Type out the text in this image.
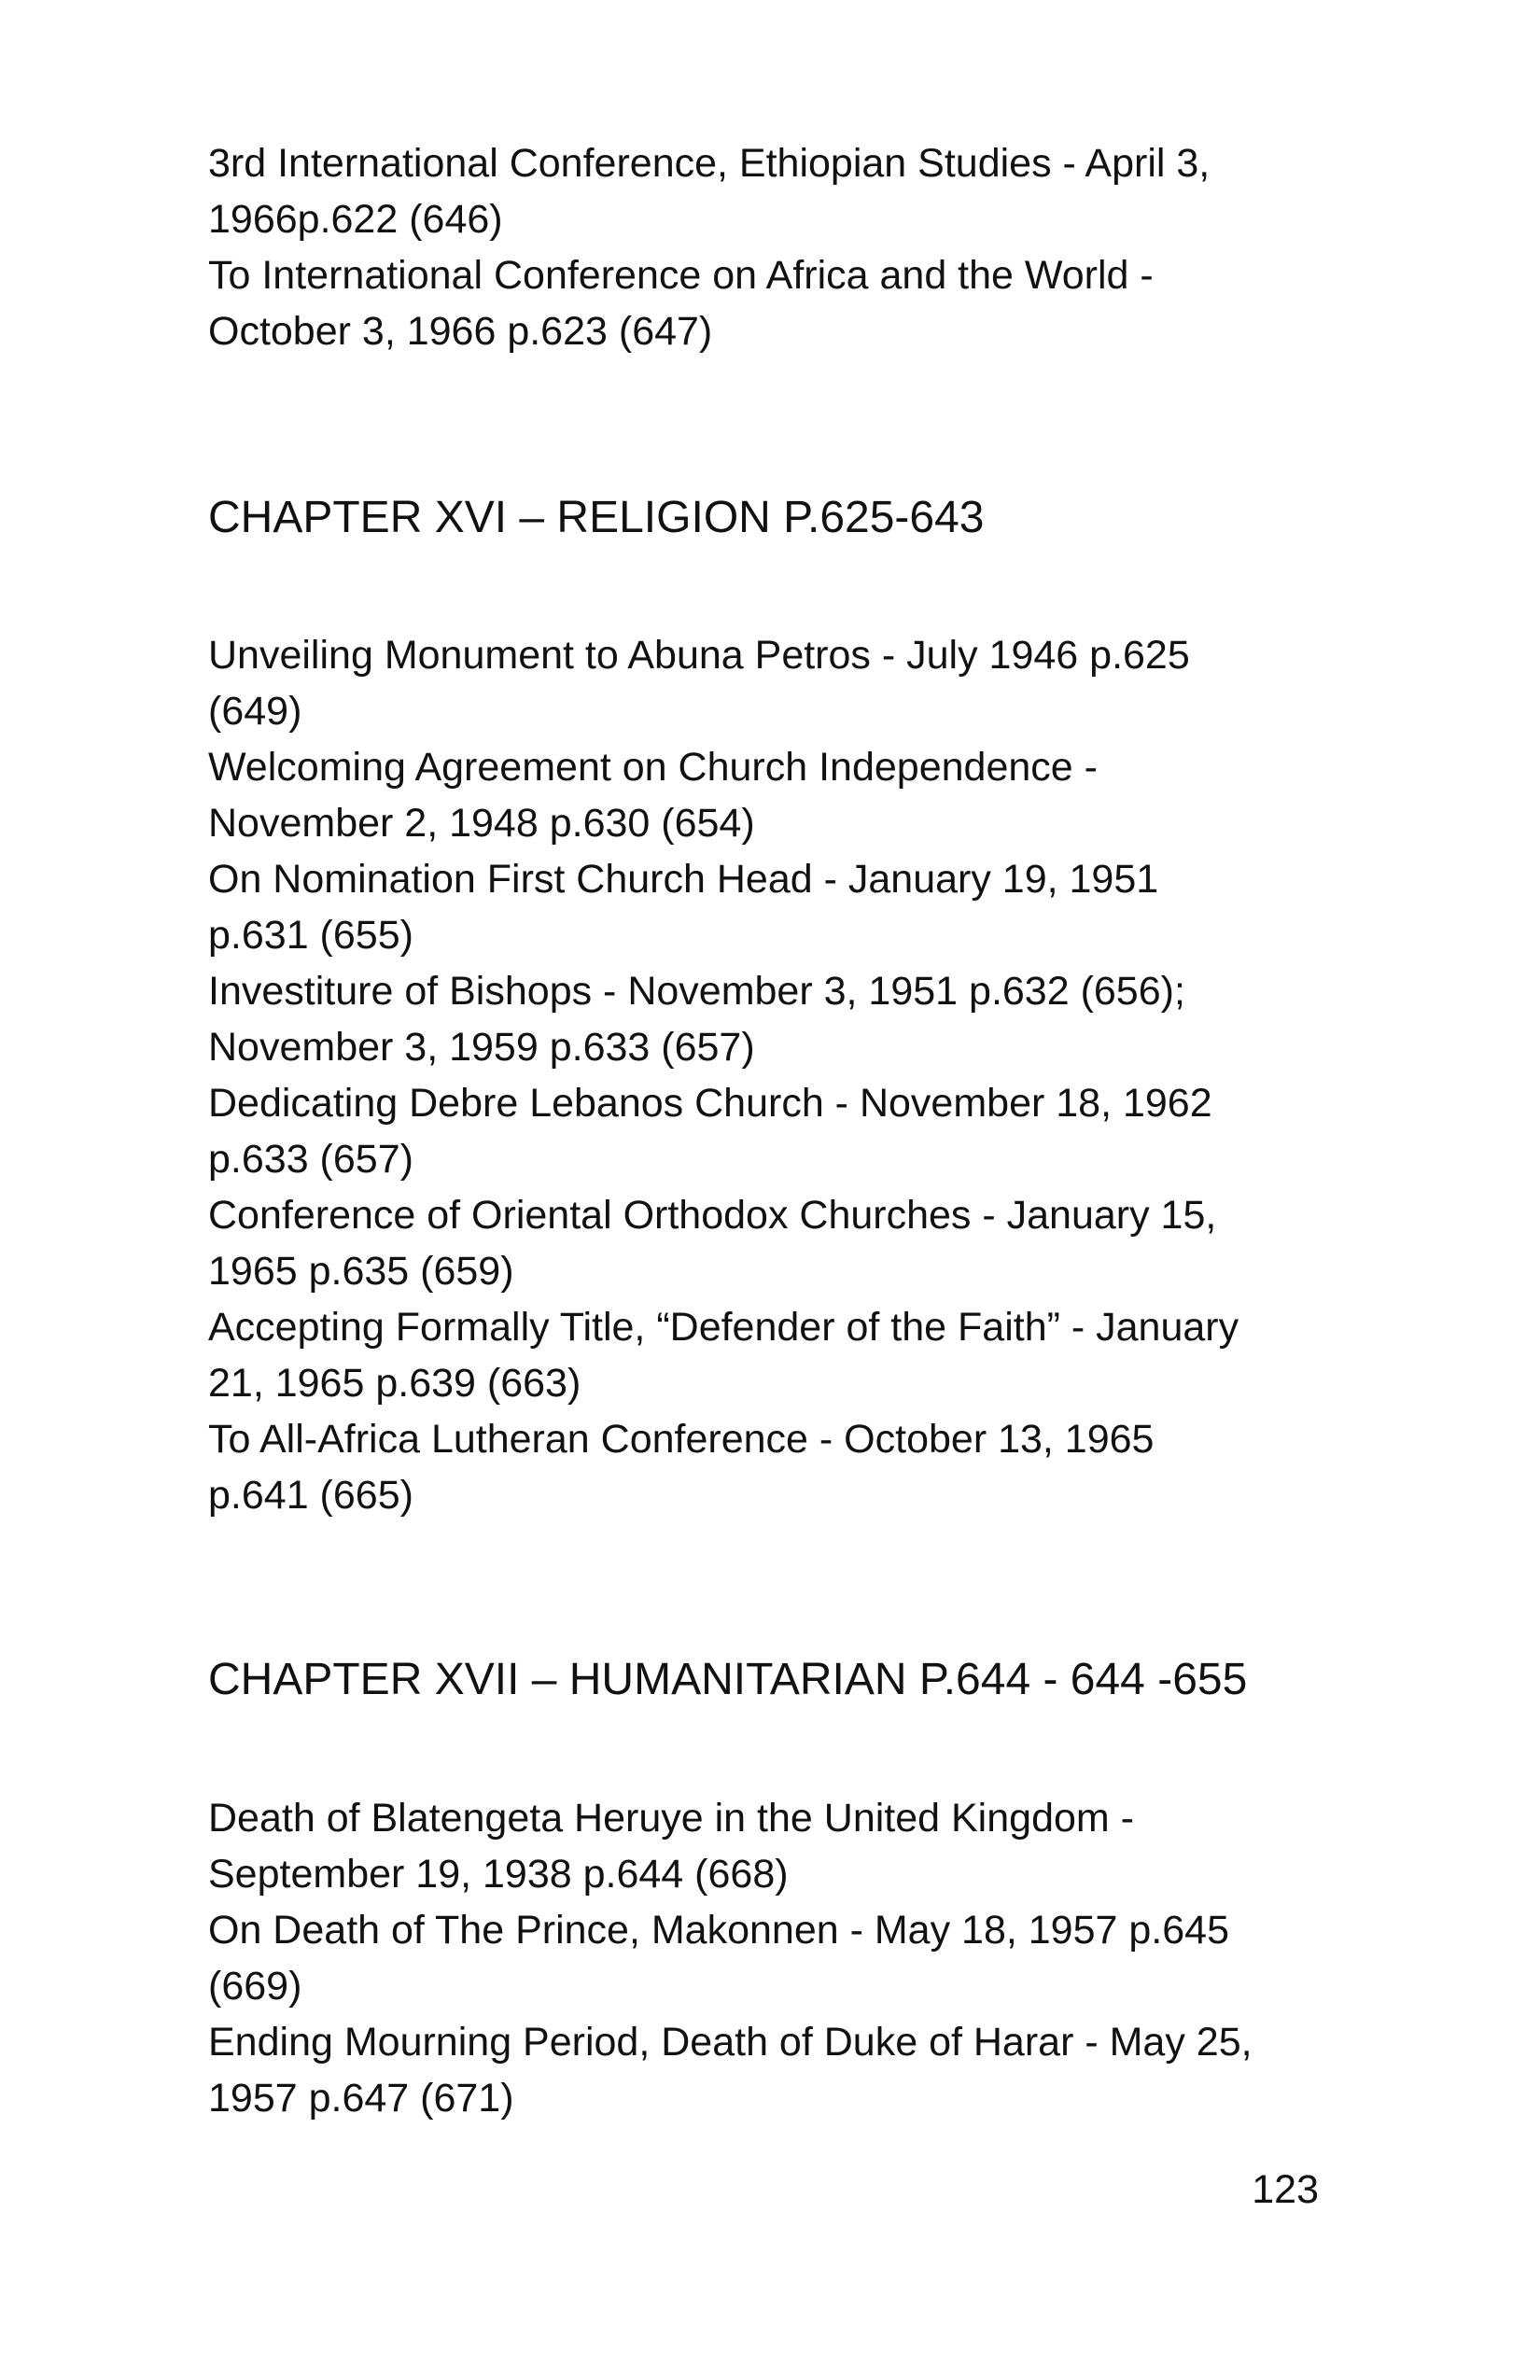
3rd International Conference, Ethiopian Studies - April 3,
1966p.622 (646)
To International Conference on Africa and the World -
October 3, 1966 p.623 (647)
CHAPTER XVI – RELIGION P.625-643
Unveiling Monument to Abuna Petros - July 1946 p.625
(649)
Welcoming Agreement on Church Independence -
November 2, 1948 p.630 (654)
On Nomination First Church Head - January 19, 1951
p.631 (655)
Investiture of Bishops - November 3, 1951 p.632 (656);
November 3, 1959 p.633 (657)
Dedicating Debre Lebanos Church - November 18, 1962
p.633 (657)
Conference of Oriental Orthodox Churches - January 15,
1965 p.635 (659)
Accepting Formally Title, “Defender of the Faith” - January
21, 1965 p.639 (663)
To All-Africa Lutheran Conference - October 13, 1965
p.641 (665)
CHAPTER XVII – HUMANITARIAN P.644 - 644 -655
Death of Blatengeta Heruye in the United Kingdom -
September 19, 1938 p.644 (668)
On Death of The Prince, Makonnen - May 18, 1957 p.645
(669)
Ending Mourning Period, Death of Duke of Harar - May 25,
1957 p.647 (671)
123
